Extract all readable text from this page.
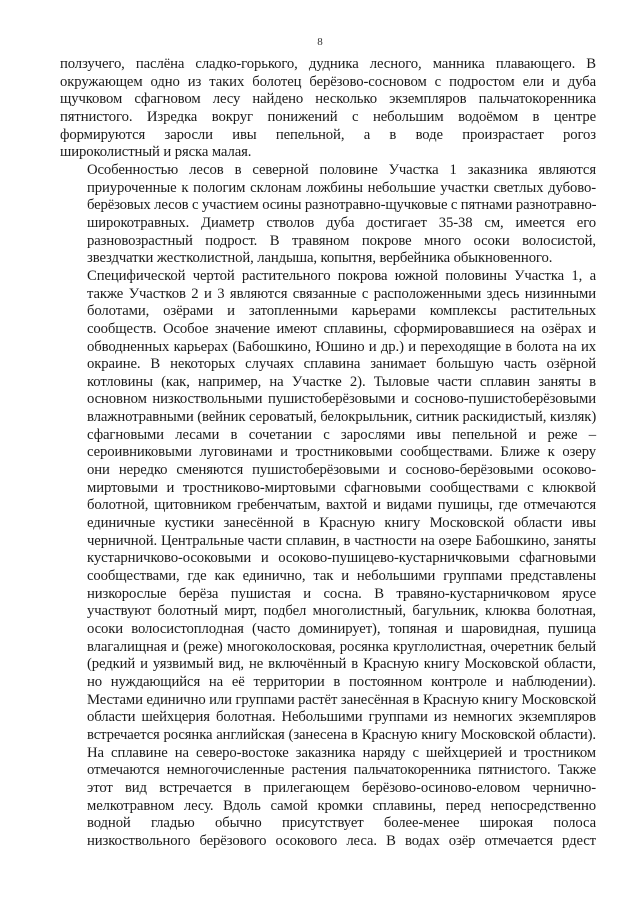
8
ползучего, паслёна сладко-горького, дудника лесного, манника плавающего. В
окружающем одно из таких болотец берёзово-сосновом с подростом ели и дуба
щучковом сфагновом лесу найдено несколько экземпляров пальчатокоренника
пятнистого. Изредка вокруг понижений с небольшим водоёмом в центре
формируются заросли ивы пепельной, а в воде произрастает рогоз
широколистный и ряска малая.
Особенностью лесов в северной половине Участка 1 заказника являются
приуроченные к пологим склонам ложбины небольшие участки светлых дубово-
берёзовых лесов с участием осины разнотравно-щучковые с пятнами разнотравно-
широкотравных. Диаметр стволов дуба достигает 35-38 см, имеется его
разновозрастный подрост. В травяном покрове много осоки волосистой,
звездчатки жестколистной, ландыша, копытня, вербейника обыкновенного.
Специфической чертой растительного покрова южной половины Участка 1, а
также Участков 2 и 3 являются связанные с расположенными здесь низинными
болотами, озёрами и затопленными карьерами комплексы растительных
сообществ. Особое значение имеют сплавины, сформировавшиеся на озёрах и
обводненных карьерах (Бабошкино, Юшино и др.) и переходящие в болота на их
окраине. В некоторых случаях сплавина занимает большую часть озёрной
котловины (как, например, на Участке 2). Тыловые части сплавин заняты в
основном низкоствольными пушистоберёзовыми и сосново-пушистоберёзовыми
влажнотравными (вейник сероватый, белокрыльник, ситник раскидистый, кизляк)
сфагновыми лесами в сочетании с зарослями ивы пепельной и реже –
сероивниковыми луговинами и тростниковыми сообществами. Ближе к озеру
они нередко сменяются пушистоберёзовыми и сосново-берёзовыми осоково-
миртовыми и тростниково-миртовыми сфагновыми сообществами с клюквой
болотной, щитовником гребенчатым, вахтой и видами пушицы, где отмечаются
единичные кустики занесённой в Красную книгу Московской области ивы
черничной. Центральные части сплавин, в частности на озере Бабошкино, заняты
кустарничково-осоковыми и осоково-пушицево-кустарничковыми сфагновыми
сообществами, где как единично, так и небольшими группами представлены
низкорослые берёза пушистая и сосна. В травяно-кустарничковом ярусе
участвуют болотный мирт, подбел многолистный, багульник, клюква болотная,
осоки волосистоплодная (часто доминирует), топяная и шаровидная, пушица
влагалищная и (реже) многоколосковая, росянка круглолистная, очеретник белый
(редкий и уязвимый вид, не включённый в Красную книгу Московской области,
но нуждающийся на её территории в постоянном контроле и наблюдении).
Местами единично или группами растёт занесённая в Красную книгу Московской
области шейхцерия болотная. Небольшими группами из немногих экземпляров
встречается росянка английская (занесена в Красную книгу Московской области).
На сплавине на северо-востоке заказника наряду с шейхцерией и тростником
отмечаются немногочисленные растения пальчатокоренника пятнистого. Также
этот вид встречается в прилегающем берёзово-осиново-еловом чернично-
мелкотравном лесу. Вдоль самой кромки сплавины, перед непосредственно
водной гладью обычно присутствует более-менее широкая полоса
низкоствольного берёзового осокового леса. В водах озёр отмечается рдест
